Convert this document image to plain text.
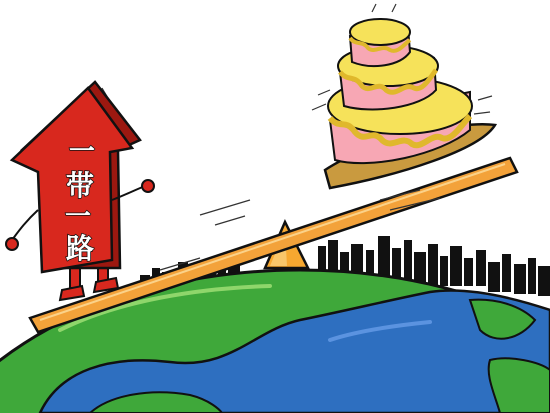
一
带
一
路
